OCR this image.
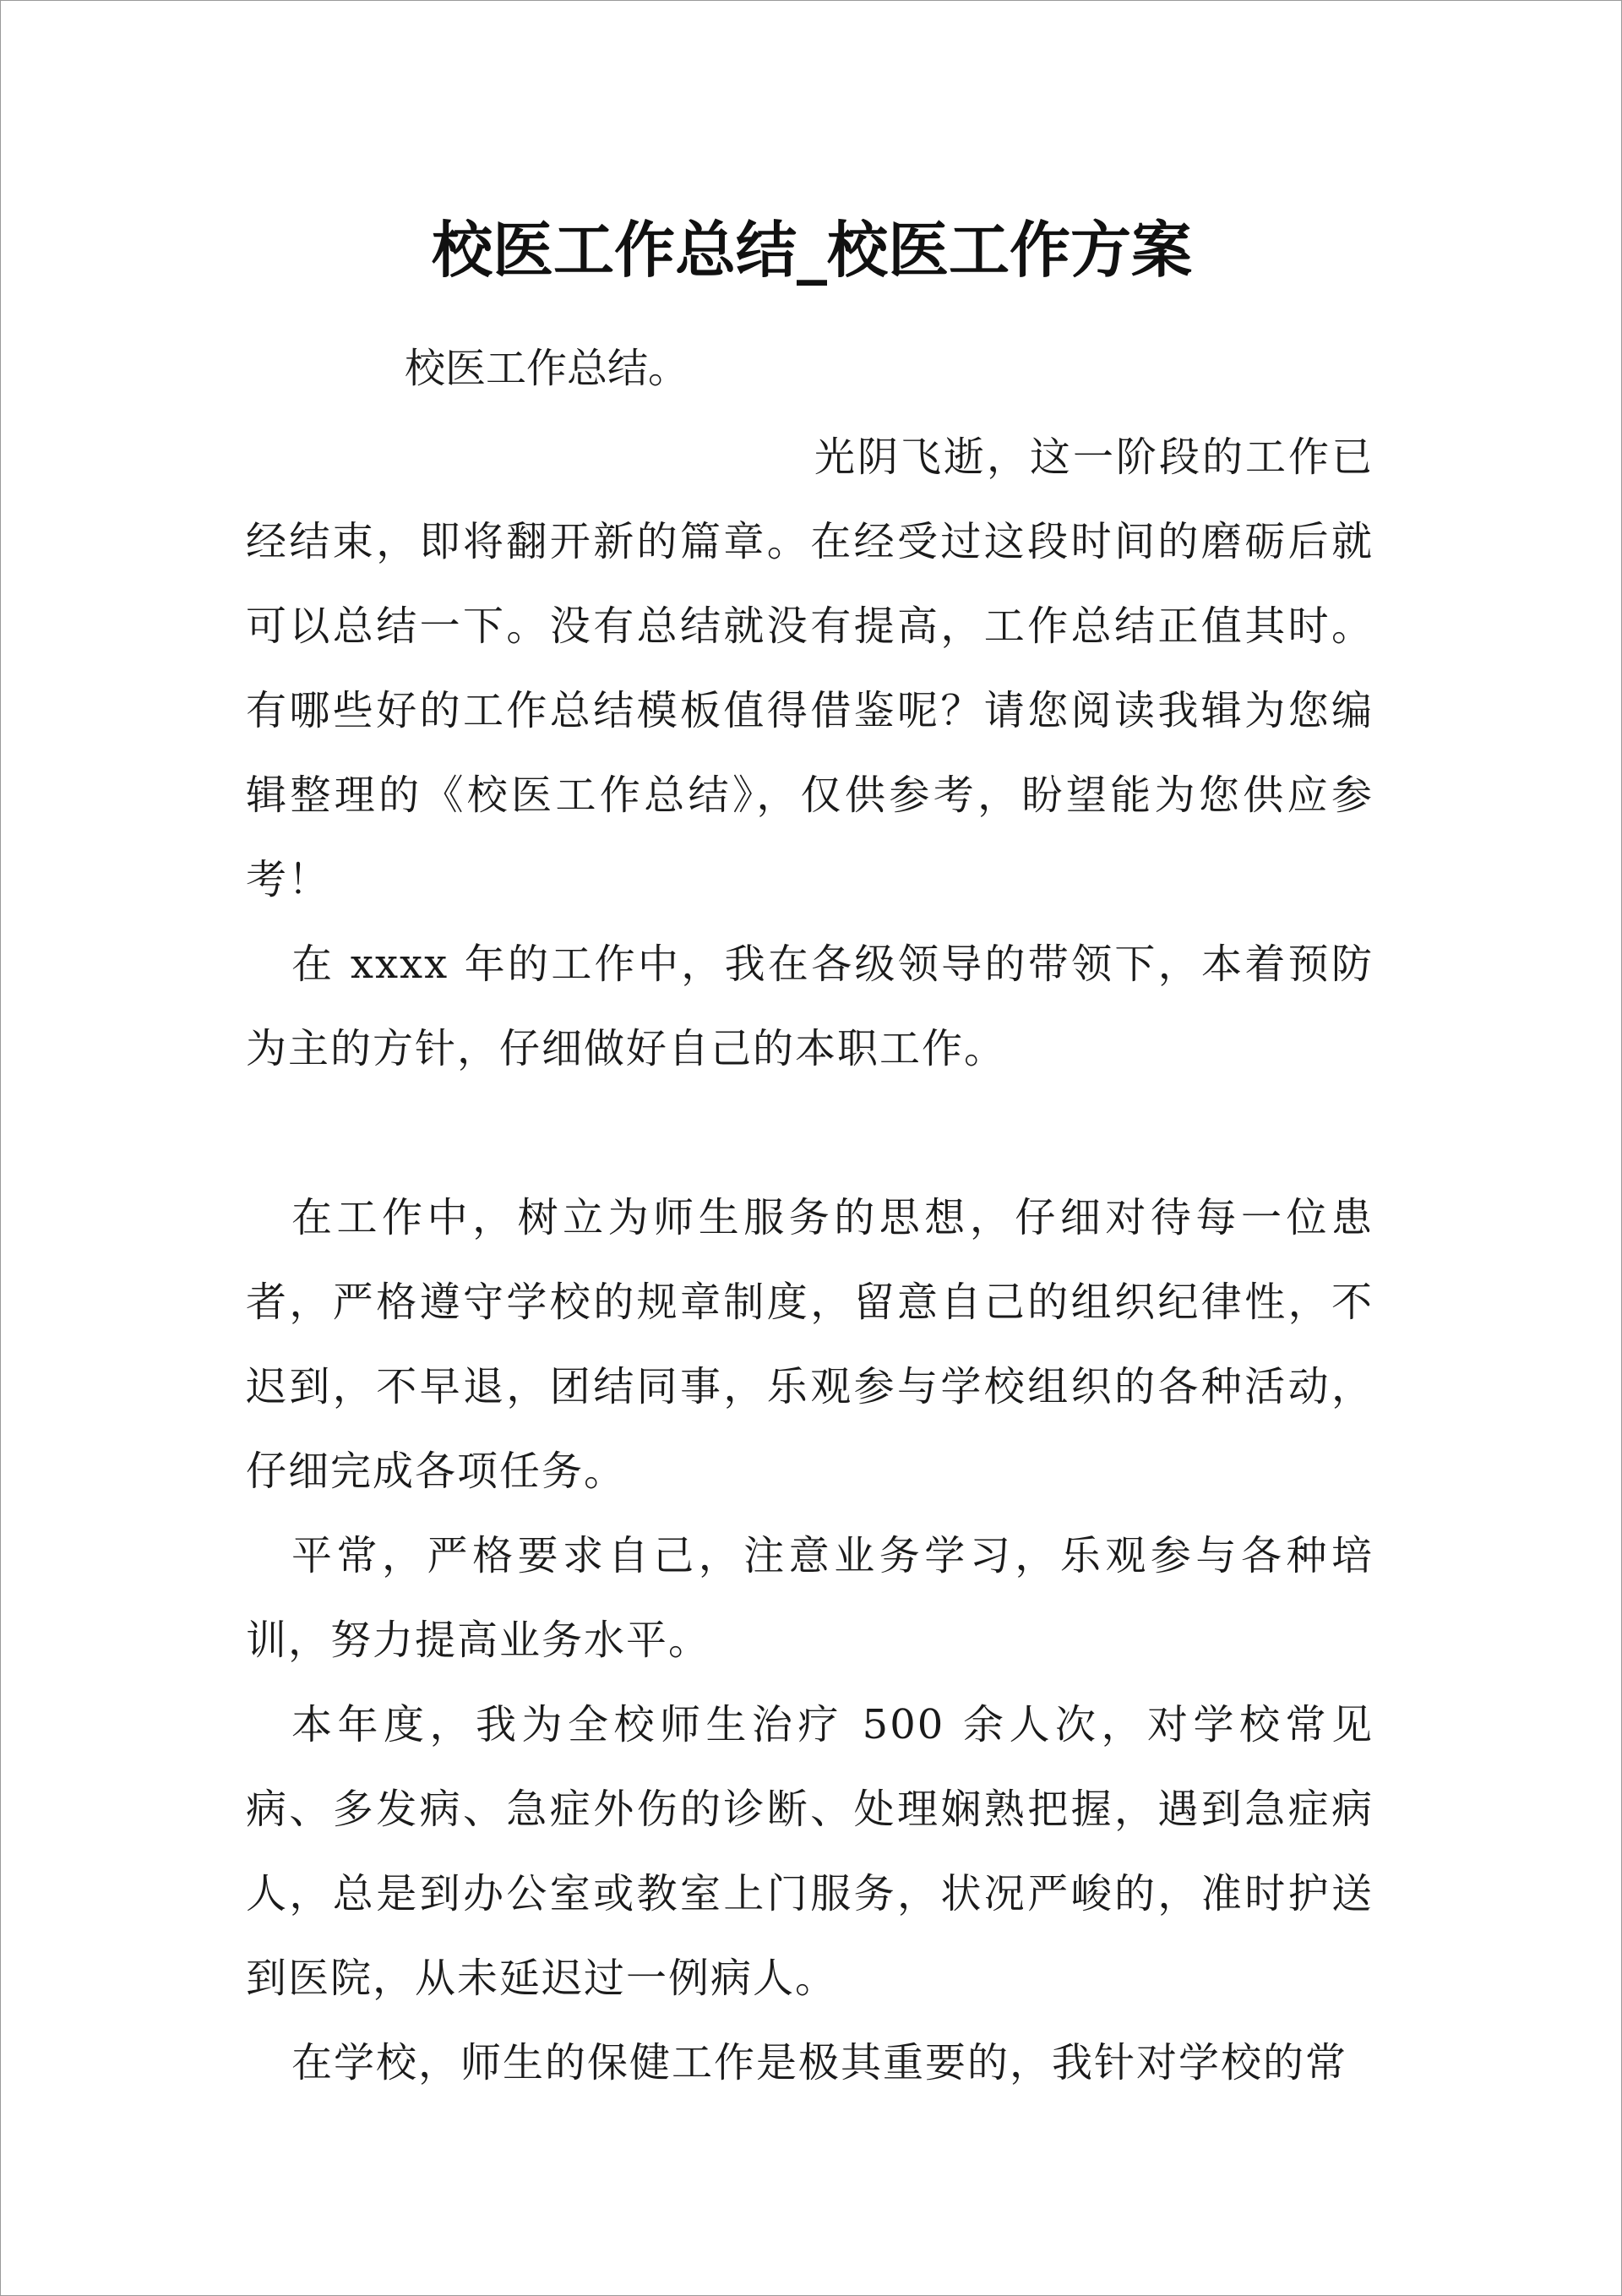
校医工作总结_校医工作方案

校医工作总结。

光阴飞逝，这一阶段的工作已经结束，即将翻开新的篇章。在经受过这段时间的磨砺后就可以总结一下。没有总结就没有提高，工作总结正值其时。有哪些好的工作总结模板值得借鉴呢？请您阅读我辑为您编辑整理的《校医工作总结》，仅供参考，盼望能为您供应参考！

在 xxxx 年的工作中，我在各级领导的带领下，本着预防为主的方针，仔细做好自己的本职工作。

在工作中，树立为师生服务的思想，仔细对待每一位患者，严格遵守学校的规章制度，留意自己的组织纪律性，不迟到，不早退，团结同事，乐观参与学校组织的各种活动，仔细完成各项任务。

平常，严格要求自己，注意业务学习，乐观参与各种培训，努力提高业务水平。

本年度，我为全校师生治疗 500 余人次，对学校常见病、多发病、急症外伤的诊断、处理娴熟把握，遇到急症病人，总是到办公室或教室上门服务，状况严峻的，准时护送到医院，从未延迟过一例病人。

在学校，师生的保健工作是极其重要的，我针对学校的常
